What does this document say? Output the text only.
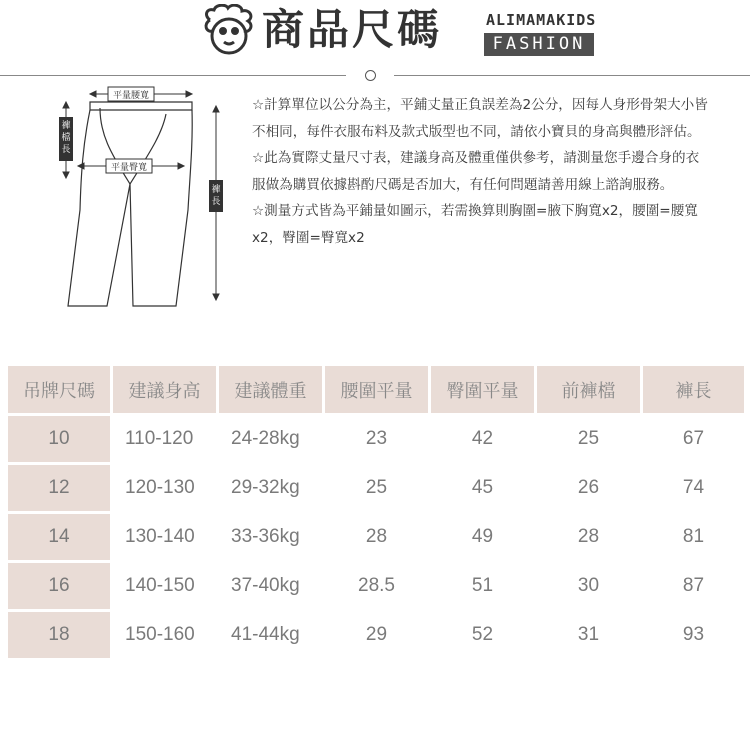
商品尺碼	ALIMAMAKIDS
FASHION
平量腰寬
平量臀寬
褲檔長
褲長

☆計算單位以公分為主，平鋪丈量正負誤差為2公分，因每人身形骨架大小皆不相同，每件衣服布料及款式版型也不同，請依小寶貝的身高與體形評估。

☆此為實際丈量尺寸表，建議身高及體重僅供參考，請測量您手邊合身的衣服做為購買依據斟酌尺碼是否加大，有任何問題請善用線上諮詢服務。

☆測量方式皆為平鋪量如圖示，若需換算則胸圍=腋下胸寬x2，腰圍=腰寬x2，臀圍=臀寬x2

吊牌尺碼	建議身高	建議體重	腰圍平量	臀圍平量	前褲檔	褲長
10	110-120	24-28kg	23	42	25	67
12	120-130	29-32kg	25	45	26	74
14	130-140	33-36kg	28	49	28	81
16	140-150	37-40kg	28.5	51	30	87
18	150-160	41-44kg	29	52	31	93
